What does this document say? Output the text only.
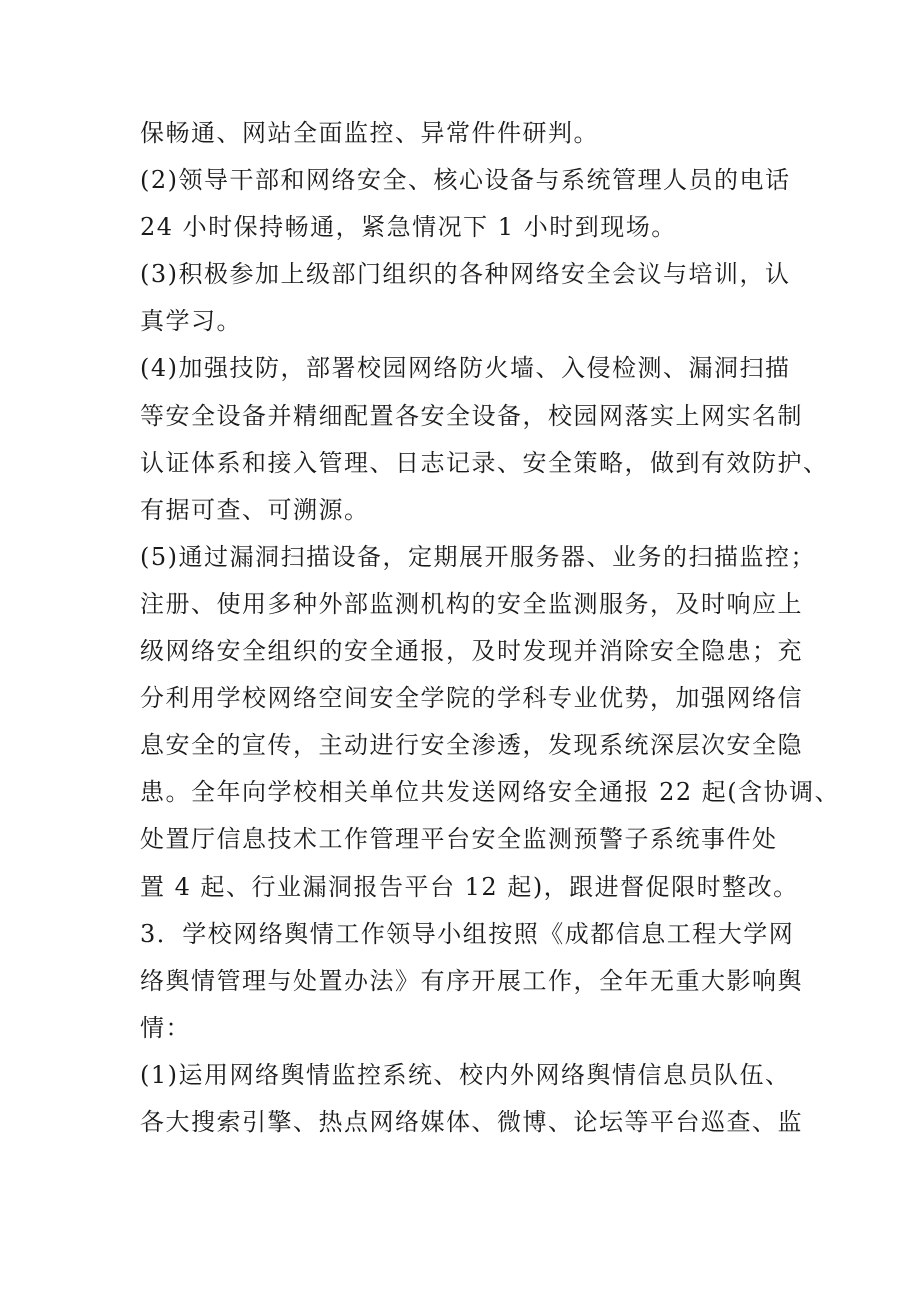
保畅通、网站全面监控、异常件件研判。
(2)领导干部和网络安全、核心设备与系统管理人员的电话
24 小时保持畅通，紧急情况下 1 小时到现场。
(3)积极参加上级部门组织的各种网络安全会议与培训，认
真学习。
(4)加强技防，部署校园网络防火墙、入侵检测、漏洞扫描
等安全设备并精细配置各安全设备，校园网落实上网实名制
认证体系和接入管理、日志记录、安全策略，做到有效防护、
有据可查、可溯源。
(5)通过漏洞扫描设备，定期展开服务器、业务的扫描监控；
注册、使用多种外部监测机构的安全监测服务，及时响应上
级网络安全组织的安全通报，及时发现并消除安全隐患；充
分利用学校网络空间安全学院的学科专业优势，加强网络信
息安全的宣传，主动进行安全渗透，发现系统深层次安全隐
患。全年向学校相关单位共发送网络安全通报 22 起(含协调、
处置厅信息技术工作管理平台安全监测预警子系统事件处
置 4 起、行业漏洞报告平台 12 起)，跟进督促限时整改。
3．学校网络舆情工作领导小组按照《成都信息工程大学网
络舆情管理与处置办法》有序开展工作，全年无重大影响舆
情：
(1)运用网络舆情监控系统、校内外网络舆情信息员队伍、
各大搜索引擎、热点网络媒体、微博、论坛等平台巡查、监
